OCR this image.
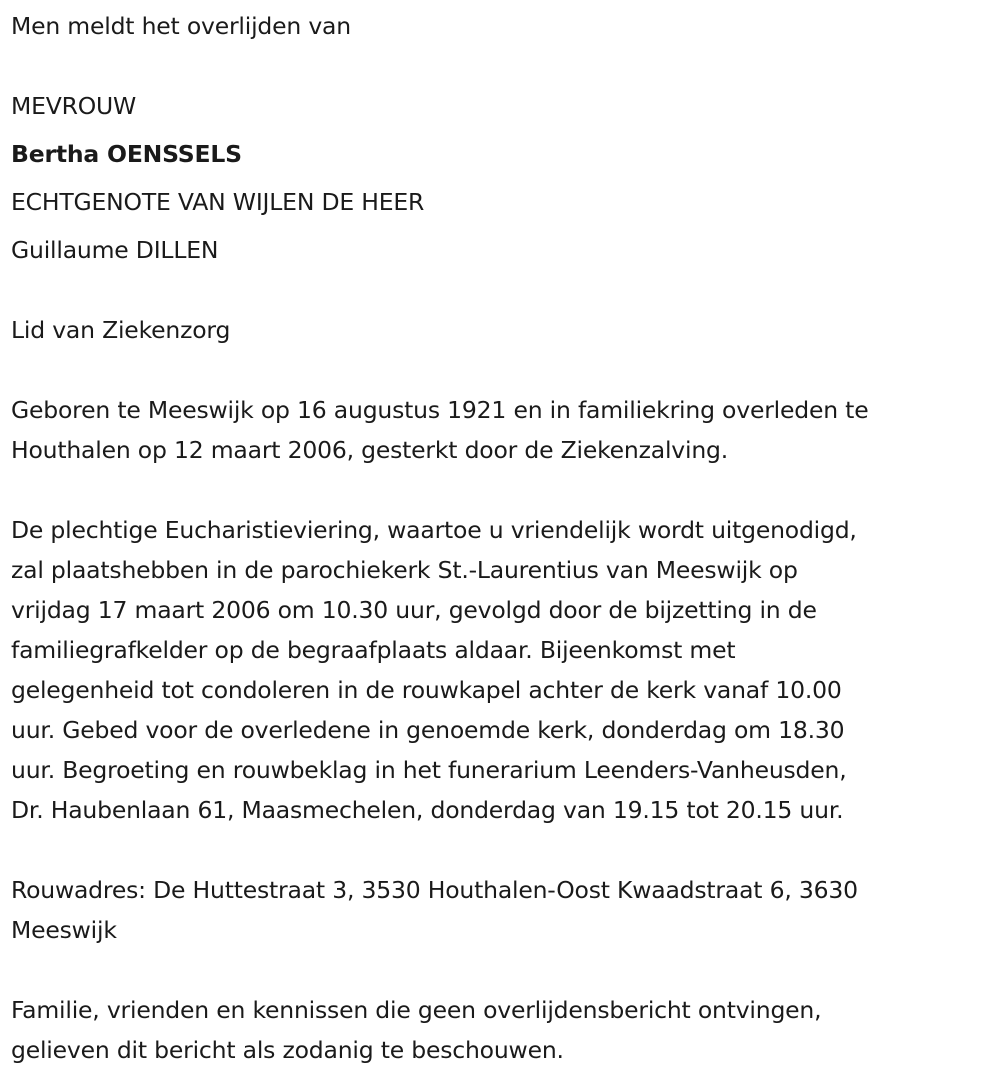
Men meldt het overlijden van
MEVROUW
Bertha OENSSELS
ECHTGENOTE VAN WIJLEN DE HEER
Guillaume DILLEN
Lid van Ziekenzorg
Geboren te Meeswijk op 16 augustus 1921 en in familiekring overleden te
Houthalen op 12 maart 2006, gesterkt door de Ziekenzalving.
De plechtige Eucharistieviering, waartoe u vriendelijk wordt uitgenodigd,
zal plaatshebben in de parochiekerk St.-Laurentius van Meeswijk op
vrijdag 17 maart 2006 om 10.30 uur, gevolgd door de bijzetting in de
familiegrafkelder op de begraafplaats aldaar. Bijeenkomst met
gelegenheid tot condoleren in de rouwkapel achter de kerk vanaf 10.00
uur. Gebed voor de overledene in genoemde kerk, donderdag om 18.30
uur. Begroeting en rouwbeklag in het funerarium Leenders-Vanheusden,
Dr. Haubenlaan 61, Maasmechelen, donderdag van 19.15 tot 20.15 uur.
Rouwadres: De Huttestraat 3, 3530 Houthalen-Oost Kwaadstraat 6, 3630
Meeswijk
Familie, vrienden en kennissen die geen overlijdensbericht ontvingen,
gelieven dit bericht als zodanig te beschouwen.
